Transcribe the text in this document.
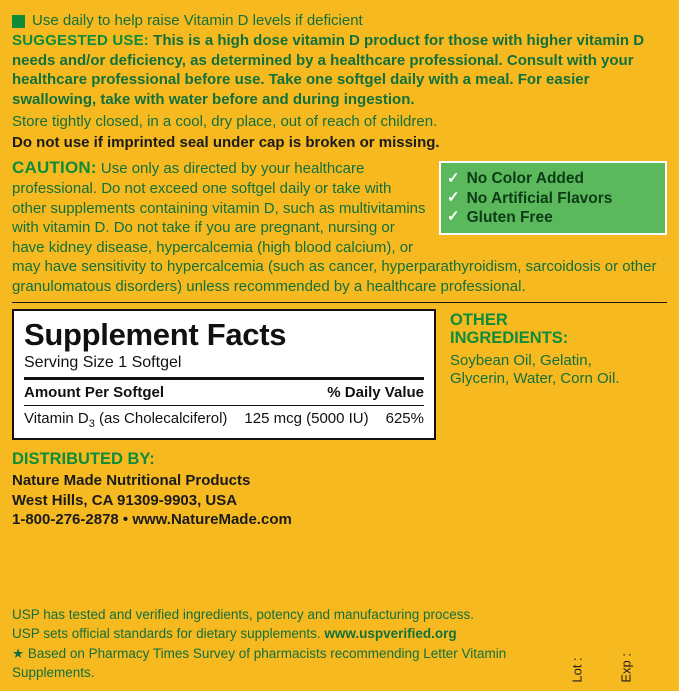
Use daily to help raise Vitamin D levels if deficient
SUGGESTED USE: This is a high dose vitamin D product for those with higher vitamin D needs and/or deficiency, as determined by a healthcare professional. Consult with your healthcare professional before use. Take one softgel daily with a meal. For easier swallowing, take with water before and during ingestion.
Store tightly closed, in a cool, dry place, out of reach of children.
Do not use if imprinted seal under cap is broken or missing.
✓
✓
✓
No Color Added
No Artificial Flavors
Gluten Free
CAUTION: Use only as directed by your healthcare professional. Do not exceed one softgel daily or take with other supplements containing vitamin D, such as multivitamins with vitamin D. Do not take if you are pregnant, nursing or have kidney disease, hypercalcemia (high blood calcium), or may have sensitivity to hypercalcemia (such as cancer, hyperparathyroidism, sarcoidosis or other granulomatous disorders) unless recommended by a healthcare professional.
Supplement Facts
Serving Size 1 Softgel
Amount Per Softgel	% Daily Value
Vitamin $D_3$ (as Cholecalciferol) 125 mcg (5000 IU) 625%
OTHER
INGREDIENTS:
Soybean Oil, Gelatin,
Glycerin, Water, Corn Oil.
DISTRIBUTED BY:
Nature Made Nutritional Products
West Hills, CA 91309-9903, USA
1-800-276-2878 • www.NatureMade.com
USP has tested and verified ingredients, potency and manufacturing process.
USP sets official standards for dietary supplements. www.uspverified.org
★ Based on Pharmacy Times Survey of pharmacists recommending Letter Vitamin Supplements.

	Lot :

	Exp :
